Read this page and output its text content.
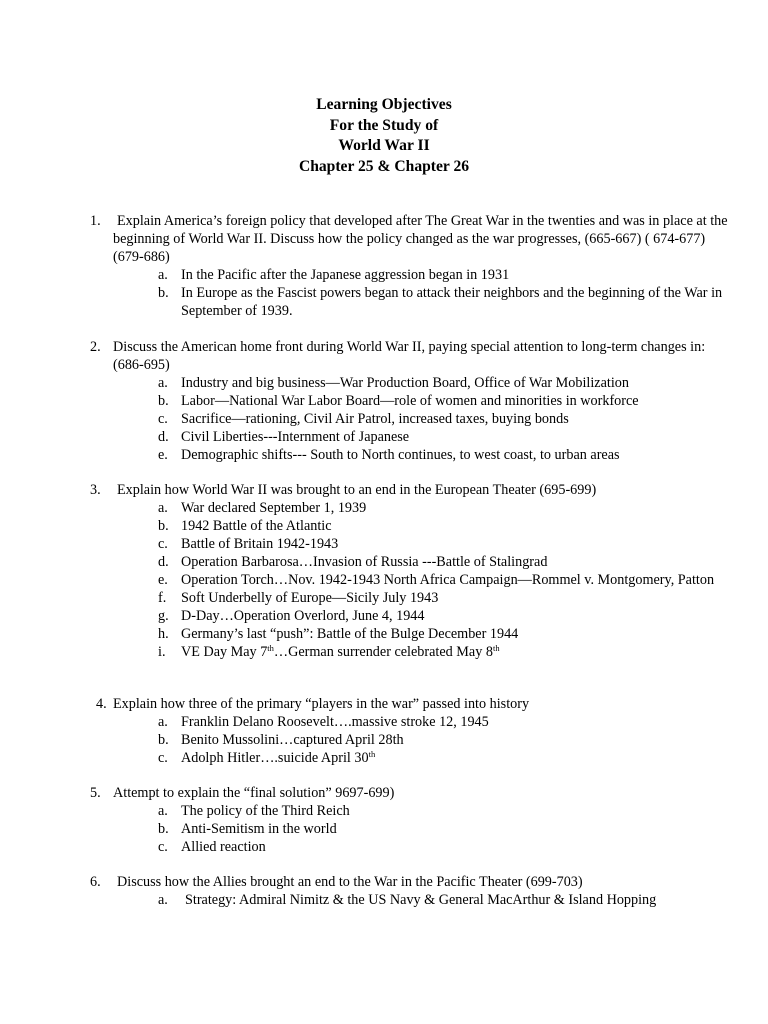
Learning Objectives
For the Study of
World War II
Chapter 25 & Chapter 26
1. Explain America’s foreign policy that developed after The Great War in the twenties and was in place at the beginning of World War II. Discuss how the policy changed as the war progresses, (665-667) ( 674-677) (679-686)
a. In the Pacific after the Japanese aggression began in 1931
b. In Europe as the Fascist powers began to attack their neighbors and the beginning of the War in September of 1939.
2. Discuss the American home front during World War II, paying special attention to long-term changes in: (686-695)
a. Industry and big business—War Production Board, Office of War Mobilization
b. Labor—National War Labor Board—role of women and minorities in workforce
c. Sacrifice—rationing, Civil Air Patrol, increased taxes, buying bonds
d. Civil Liberties---Internment of Japanese
e. Demographic shifts--- South to North continues, to west coast, to urban areas
3. Explain how World War II was brought to an end in the European Theater (695-699)
a. War declared September 1, 1939
b. 1942 Battle of the Atlantic
c. Battle of Britain 1942-1943
d. Operation Barbarosa…Invasion of Russia ---Battle of Stalingrad
e. Operation Torch…Nov. 1942-1943 North Africa Campaign—Rommel v. Montgomery, Patton
f. Soft Underbelly of Europe—Sicily July 1943
g. D-Day…Operation Overlord, June 4, 1944
h. Germany’s last “push”: Battle of the Bulge December 1944
i. VE Day May 7th…German surrender celebrated May 8th
4. Explain how three of the primary “players in the war” passed into history
a. Franklin Delano Roosevelt….massive stroke 12, 1945
b. Benito Mussolini…captured April 28th
c. Adolph Hitler….suicide April 30th
5. Attempt to explain the “final solution” 9697-699)
a. The policy of the Third Reich
b. Anti-Semitism in the world
c. Allied reaction
6. Discuss how the Allies brought an end to the War in the Pacific Theater (699-703)
a. Strategy: Admiral Nimitz & the US Navy & General MacArthur & Island Hopping
